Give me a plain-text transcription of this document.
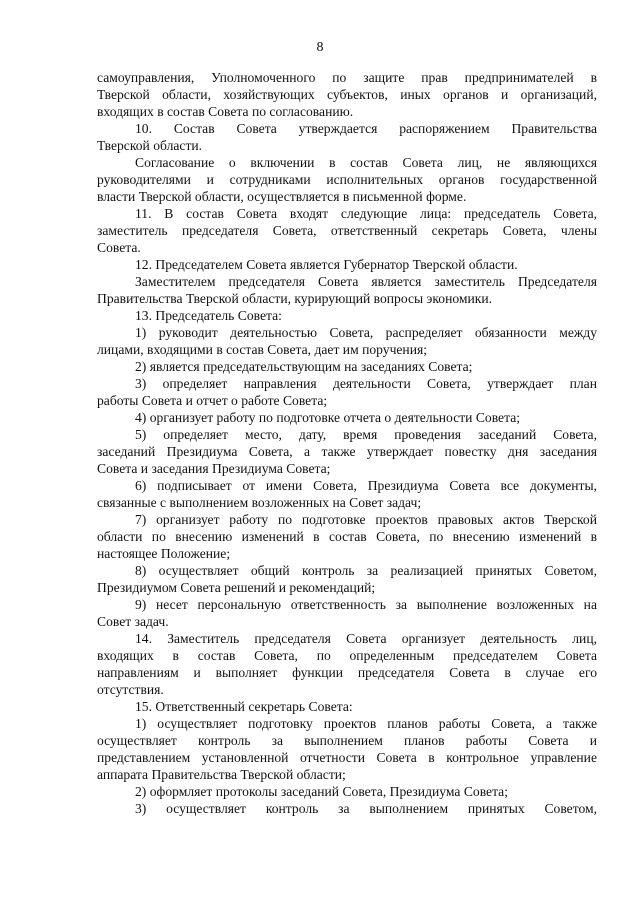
8
самоуправления, Уполномоченного по защите прав предпринимателей в
Тверской области, хозяйствующих субъектов, иных органов и организаций,
входящих в состав Совета по согласованию.
10. Состав Совета утверждается распоряжением Правительства
Тверской области.
Согласование о включении в состав Совета лиц, не являющихся
руководителями и сотрудниками исполнительных органов государственной
власти Тверской области, осуществляется в письменной форме.
11. В состав Совета входят следующие лица: председатель Совета,
заместитель председателя Совета, ответственный секретарь Совета, члены
Совета.
12. Председателем Совета является Губернатор Тверской области.
Заместителем председателя Совета является заместитель Председателя
Правительства Тверской области, курирующий вопросы экономики.
13. Председатель Совета:
1) руководит деятельностью Совета, распределяет обязанности между
лицами, входящими в состав Совета, дает им поручения;
2) является председательствующим на заседаниях Совета;
3) определяет направления деятельности Совета, утверждает план
работы Совета и отчет о работе Совета;
4) организует работу по подготовке отчета о деятельности Совета;
5) определяет место, дату, время проведения заседаний Совета,
заседаний Президиума Совета, а также утверждает повестку дня заседания
Совета и заседания Президиума Совета;
6) подписывает от имени Совета, Президиума Совета все документы,
связанные с выполнением возложенных на Совет задач;
7) организует работу по подготовке проектов правовых актов Тверской
области по внесению изменений в состав Совета, по внесению изменений в
настоящее Положение;
8) осуществляет общий контроль за реализацией принятых Советом,
Президиумом Совета решений и рекомендаций;
9) несет персональную ответственность за выполнение возложенных на
Совет задач.
14. Заместитель председателя Совета организует деятельность лиц,
входящих в состав Совета, по определенным председателем Совета
направлениям и выполняет функции председателя Совета в случае его
отсутствия.
15. Ответственный секретарь Совета:
1) осуществляет подготовку проектов планов работы Совета, а также
осуществляет контроль за выполнением планов работы Совета и
представлением установленной отчетности Совета в контрольное управление
аппарата Правительства Тверской области;
2) оформляет протоколы заседаний Совета, Президиума Совета;
3) осуществляет контроль за выполнением принятых Советом,
